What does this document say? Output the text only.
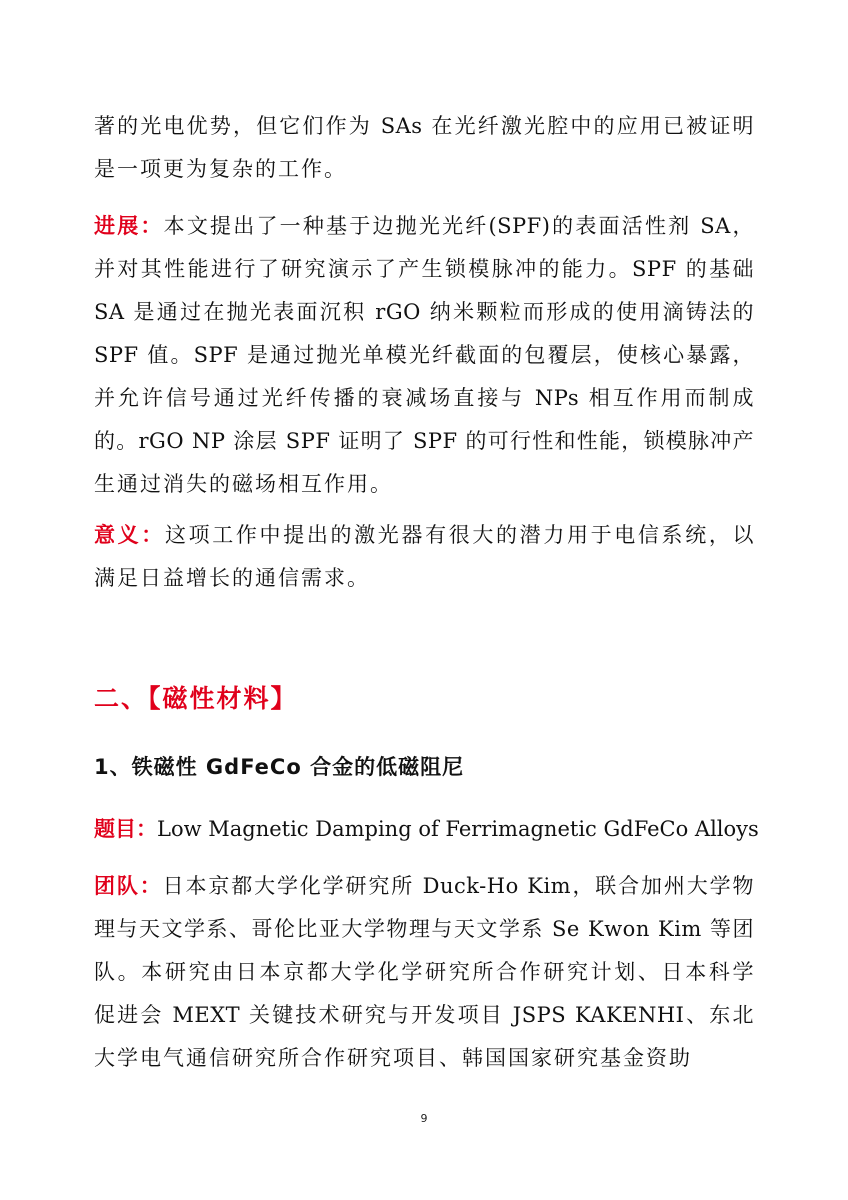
著的光电优势，但它们作为 SAs 在光纤激光腔中的应用已被证明
是一项更为复杂的工作。
进展：本文提出了一种基于边抛光光纤(SPF)的表面活性剂 SA，
并对其性能进行了研究演示了产生锁模脉冲的能力。SPF 的基础
SA 是通过在抛光表面沉积 rGO 纳米颗粒而形成的使用滴铸法的
SPF 值。SPF 是通过抛光单模光纤截面的包覆层，使核心暴露，
并允许信号通过光纤传播的衰减场直接与 NPs 相互作用而制成
的。rGO NP 涂层 SPF 证明了 SPF 的可行性和性能，锁模脉冲产
生通过消失的磁场相互作用。
意义：这项工作中提出的激光器有很大的潜力用于电信系统，以
满足日益增长的通信需求。
二、【磁性材料】
1、铁磁性 GdFeCo 合金的低磁阻尼
题目：Low Magnetic Damping of Ferrimagnetic GdFeCo Alloys
团队：日本京都大学化学研究所 Duck-Ho Kim，联合加州大学物
理与天文学系、哥伦比亚大学物理与天文学系 Se Kwon Kim 等团
队。本研究由日本京都大学化学研究所合作研究计划、日本科学
促进会 MEXT 关键技术研究与开发项目 JSPS KAKENHI、东北
大学电气通信研究所合作研究项目、韩国国家研究基金资助
9
